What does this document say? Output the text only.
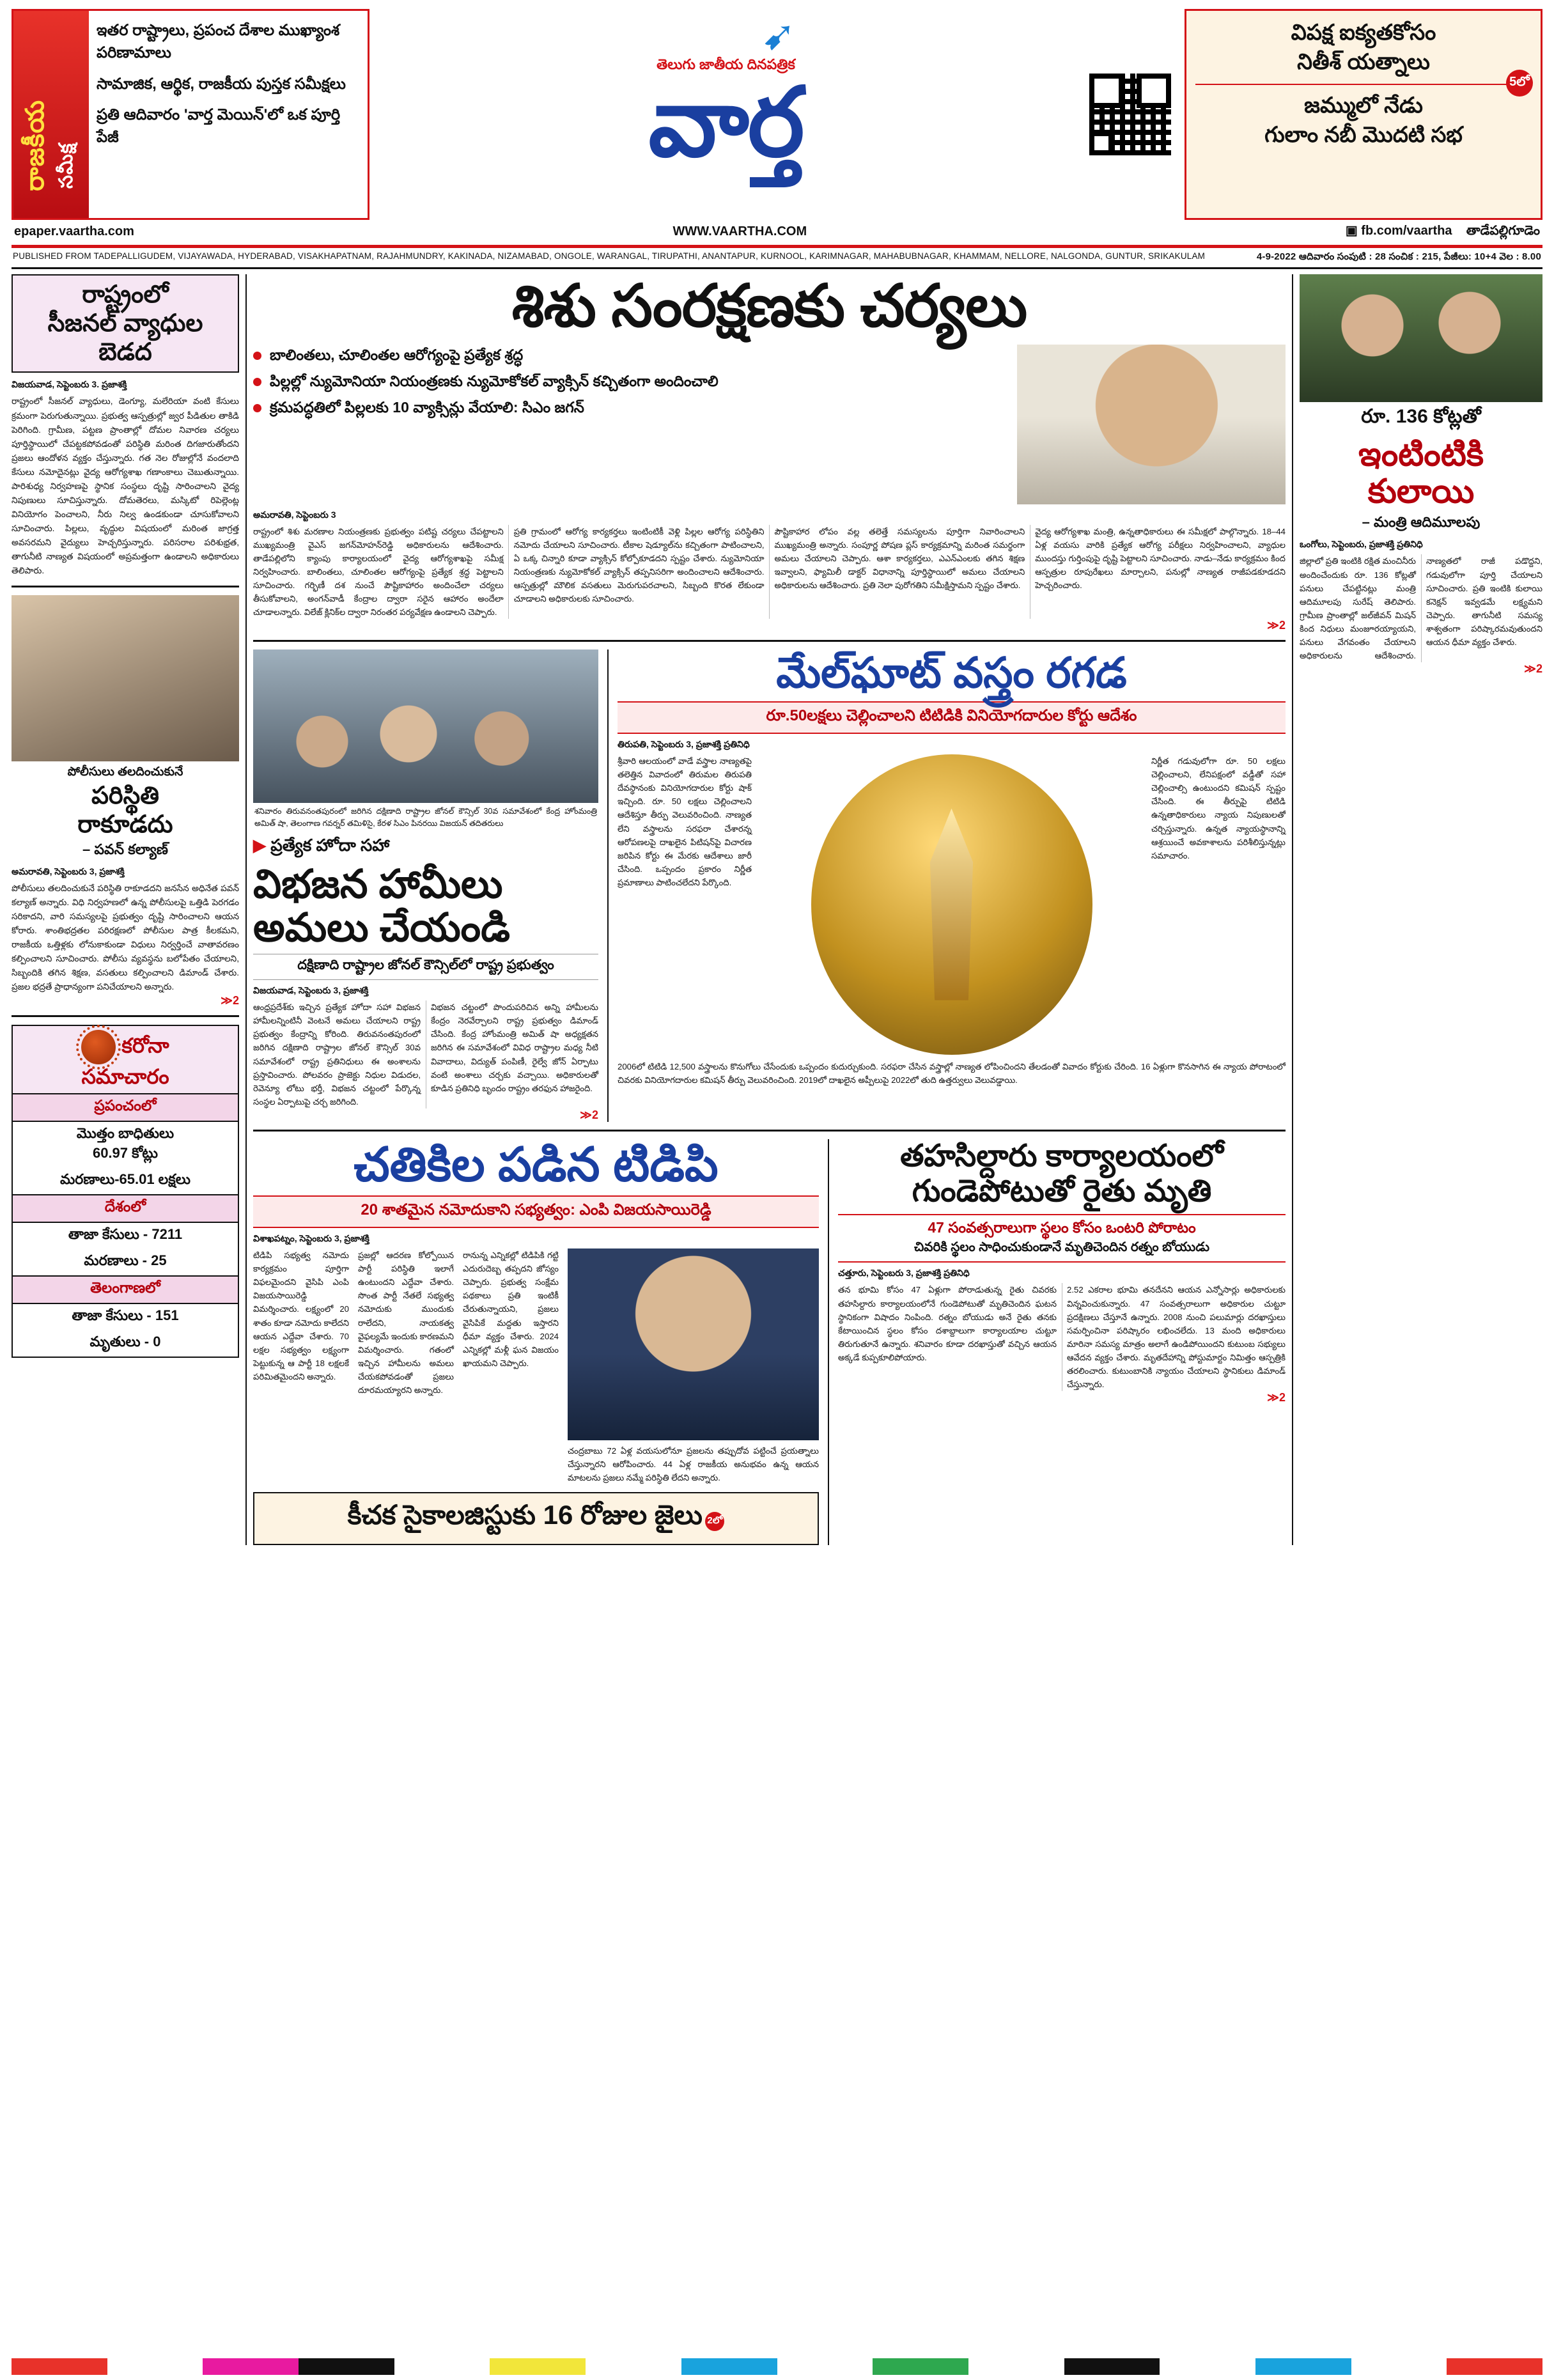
రాజకీయ సమీక్ష

ఇతర రాష్ట్రాలు, ప్రపంచ దేశాల ముఖ్యాంశ పరిణామాలు

సామాజిక, ఆర్థిక, రాజకీయ పుస్తక సమీక్షలు

ప్రతి ఆదివారం 'వార్త మెయిన్'లో ఒక పూర్తి పేజీ

➹
తెలుగు జాతీయ దినపత్రిక
వార్త
విపక్ష ఐక్యతకోసం
నితీశ్‌ యత్నాలు
5లో
జమ్ములో నేడు
గులాం నబీ మొదటి సభ
epaper.vaartha.com	WWW.VAARTHA.COM	▣ fb.com/vaartha తాడేపల్లిగూడెం
PUBLISHED FROM TADEPALLIGUDEM, VIJAYAWADA, HYDERABAD, VISAKHAPATNAM, RAJAHMUNDRY, KAKINADA, NIZAMABAD, ONGOLE, WARANGAL, TIRUPATHI, ANANTAPUR, KURNOOL, KARIMNAGAR, MAHABUBNAGAR, KHAMMAM, NELLORE, NALGONDA, GUNTUR, SRIKAKULAM	4-9-2022 ఆదివారం సంపుటి : 28 సంచిక : 215, పేజీలు: 10+4 వెల : 8.00
రాష్ట్రంలో
సీజనల్‌ వ్యాధుల
బెడద
విజయవాడ, సెప్టెంబరు 3. ప్రజాశక్తి
రాష్ట్రంలో సీజనల్‌ వ్యాధులు, డెంగ్యూ, మలేరియా వంటి కేసులు క్రమంగా పెరుగుతున్నాయి. ప్రభుత్వ ఆస్పత్రుల్లో జ్వర పీడితుల తాకిడి పెరిగింది. గ్రామీణ, పట్టణ ప్రాంతాల్లో దోమల నివారణ చర్యలు పూర్తిస్థాయిలో చేపట్టకపోవడంతో పరిస్థితి మరింత దిగజారుతోందని ప్రజలు ఆందోళన వ్యక్తం చేస్తున్నారు. గత నెల రోజుల్లోనే వందలాది కేసులు నమోదైనట్లు వైద్య ఆరోగ్యశాఖ గణాంకాలు చెబుతున్నాయి. పారిశుధ్య నిర్వహణపై స్థానిక సంస్థలు దృష్టి సారించాలని వైద్య నిపుణులు సూచిస్తున్నారు. దోమతెరలు, మస్కిటో రిపెల్లెంట్ల వినియోగం పెంచాలని, నీరు నిల్వ ఉండకుండా చూసుకోవాలని సూచించారు. పిల్లలు, వృద్ధుల విషయంలో మరింత జాగ్రత్త అవసరమని వైద్యులు హెచ్చరిస్తున్నారు. పరిసరాల పరిశుభ్రత, తాగునీటి నాణ్యత విషయంలో అప్రమత్తంగా ఉండాలని అధికారులు తెలిపారు.
పోలీసులు తలదించుకునే
పరిస్థితి
రాకూడదు
– పవన్‌ కల్యాణ్‌
అమరావతి, సెప్టెంబరు 3, ప్రజాశక్తి
పోలీసులు తలదించుకునే పరిస్థితి రాకూడదని జనసేన అధినేత పవన్‌ కల్యాణ్‌ అన్నారు. విధి నిర్వహణలో ఉన్న పోలీసులపై ఒత్తిడి పెరగడం సరికాదని, వారి సమస్యలపై ప్రభుత్వం దృష్టి సారించాలని ఆయన కోరారు. శాంతిభద్రతల పరిరక్షణలో పోలీసుల పాత్ర కీలకమని, రాజకీయ ఒత్తిళ్లకు లోనుకాకుండా విధులు నిర్వర్తించే వాతావరణం కల్పించాలని సూచించారు. పోలీసు వ్యవస్థను బలోపేతం చేయాలని, సిబ్బందికి తగిన శిక్షణ, వసతులు కల్పించాలని డిమాండ్‌ చేశారు. ప్రజల భద్రతే ప్రాధాన్యంగా పనిచేయాలని అన్నారు.
≫2
కరోనా
సమాచారం
ప్రపంచంలో
మొత్తం బాధితులు
60.97 కోట్లు
మరణాలు-65.01 లక్షలు
దేశంలో
తాజా కేసులు - 7211
మరణాలు - 25
తెలంగాణలో
తాజా కేసులు - 151
మృతులు - 0
శిశు సంరక్షణకు చర్యలు
బాలింతలు, చూలింతల ఆరోగ్యంపై ప్రత్యేక శ్రద్ధ
పిల్లల్లో న్యుమోనియా నియంత్రణకు న్యుమోకోకల్‌ వ్యాక్సిన్‌ కచ్చితంగా అందించాలి
క్రమపద్ధతిలో పిల్లలకు 10 వ్యాక్సిన్లు వేయాలి: సిఎం జగన్‌
అమరావతి, సెప్టెంబరు 3

రాష్ట్రంలో శిశు మరణాల నియంత్రణకు ప్రభుత్వం పటిష్ట చర్యలు చేపట్టాలని ముఖ్యమంత్రి వైఎస్‌ జగన్‌మోహన్‌రెడ్డి అధికారులను ఆదేశించారు. తాడేపల్లిలోని క్యాంపు కార్యాలయంలో వైద్య ఆరోగ్యశాఖపై సమీక్ష నిర్వహించారు. బాలింతలు, చూలింతల ఆరోగ్యంపై ప్రత్యేక శ్రద్ధ పెట్టాలని సూచించారు. గర్భిణీ దశ నుంచే పౌష్టికాహారం అందించేలా చర్యలు తీసుకోవాలని, అంగన్‌వాడీ కేంద్రాల ద్వారా సరైన ఆహారం అందేలా చూడాలన్నారు. విలేజ్‌ క్లినిక్‌ల ద్వారా నిరంతర పర్యవేక్షణ ఉండాలని చెప్పారు.

ప్రతి గ్రామంలో ఆరోగ్య కార్యకర్తలు ఇంటింటికీ వెళ్లి పిల్లల ఆరోగ్య పరిస్థితిని నమోదు చేయాలని సూచించారు. టీకాల షెడ్యూల్‌ను కచ్చితంగా పాటించాలని, ఏ ఒక్క చిన్నారి కూడా వ్యాక్సిన్‌ కోల్పోకూడదని స్పష్టం చేశారు. న్యుమోనియా నియంత్రణకు న్యుమోకోకల్‌ వ్యాక్సిన్‌ తప్పనిసరిగా అందించాలని ఆదేశించారు. ఆస్పత్రుల్లో మౌలిక వసతులు మెరుగుపరచాలని, సిబ్బంది కొరత లేకుండా చూడాలని అధికారులకు సూచించారు.

పౌష్టికాహార లోపం వల్ల తలెత్తే సమస్యలను పూర్తిగా నివారించాలని ముఖ్యమంత్రి అన్నారు. సంపూర్ణ పోషణ ప్లస్‌ కార్యక్రమాన్ని మరింత సమర్థంగా అమలు చేయాలని చెప్పారు. ఆశా కార్యకర్తలు, ఎఎన్‌ఎంలకు తగిన శిక్షణ ఇవ్వాలని, ఫ్యామిలీ డాక్టర్‌ విధానాన్ని పూర్తిస్థాయిలో అమలు చేయాలని అధికారులను ఆదేశించారు. ప్రతి నెలా పురోగతిని సమీక్షిస్తామని స్పష్టం చేశారు.

వైద్య ఆరోగ్యశాఖ మంత్రి, ఉన్నతాధికారులు ఈ సమీక్షలో పాల్గొన్నారు. 18–44 ఏళ్ల వయసు వారికి ప్రత్యేక ఆరోగ్య పరీక్షలు నిర్వహించాలని, వ్యాధుల ముందస్తు గుర్తింపుపై దృష్టి పెట్టాలని సూచించారు. నాడు–నేడు కార్యక్రమం కింద ఆస్పత్రుల రూపురేఖలు మార్చాలని, పనుల్లో నాణ్యత రాజీపడకూడదని హెచ్చరించారు.

≫2
శనివారం తిరువనంతపురంలో జరిగిన దక్షిణాది రాష్ట్రాల జోనల్‌ కౌన్సిల్‌ 30వ సమావేశంలో కేంద్ర హోంమంత్రి అమిత్‌ షా, తెలంగాణ గవర్నర్‌ తమిళిసై, కేరళ సిఎం పినరయి విజయన్‌ తదితరులు
▶ ప్రత్యేక హోదా సహా
విభజన హామీలు
అమలు చేయండి
దక్షిణాది రాష్ట్రాల జోనల్‌ కౌన్సిల్‌లో రాష్ట్ర ప్రభుత్వం
విజయవాడ, సెప్టెంబరు 3, ప్రజాశక్తి

ఆంధ్రప్రదేశ్‌కు ఇచ్చిన ప్రత్యేక హోదా సహా విభజన హామీలన్నింటినీ వెంటనే అమలు చేయాలని రాష్ట్ర ప్రభుత్వం కేంద్రాన్ని కోరింది. తిరువనంతపురంలో జరిగిన దక్షిణాది రాష్ట్రాల జోనల్‌ కౌన్సిల్‌ 30వ సమావేశంలో రాష్ట్ర ప్రతినిధులు ఈ అంశాలను ప్రస్తావించారు. పోలవరం ప్రాజెక్టు నిధుల విడుదల, రెవెన్యూ లోటు భర్తీ, విభజన చట్టంలో పేర్కొన్న సంస్థల ఏర్పాటుపై చర్చ జరిగింది.

విభజన చట్టంలో పొందుపరిచిన అన్ని హామీలను కేంద్రం నెరవేర్చాలని రాష్ట్ర ప్రభుత్వం డిమాండ్‌ చేసింది. కేంద్ర హోంమంత్రి అమిత్‌ షా అధ్యక్షతన జరిగిన ఈ సమావేశంలో వివిధ రాష్ట్రాల మధ్య నీటి వివాదాలు, విద్యుత్‌ పంపిణీ, రైల్వే జోన్‌ ఏర్పాటు వంటి అంశాలు చర్చకు వచ్చాయి. అధికారులతో కూడిన ప్రతినిధి బృందం రాష్ట్రం తరఫున హాజరైంది.

≫2
మేల్‌ఘాట్‌ వస్త్రం రగడ
రూ.50లక్షలు చెల్లించాలని టిటిడికి వినియోగదారుల కోర్టు ఆదేశం
తిరుపతి, సెప్టెంబరు 3, ప్రజాశక్తి ప్రతినిధి

శ్రీవారి ఆలయంలో వాడే వస్త్రాల నాణ్యతపై తలెత్తిన వివాదంలో తిరుమల తిరుపతి దేవస్థానంకు వినియోగదారుల కోర్టు షాక్‌ ఇచ్చింది. రూ. 50 లక్షలు చెల్లించాలని ఆదేశిస్తూ తీర్పు వెలువరించింది. నాణ్యత లేని వస్త్రాలను సరఫరా చేశారన్న ఆరోపణలపై దాఖలైన పిటిషన్‌పై విచారణ జరిపిన కోర్టు ఈ మేరకు ఆదేశాలు జారీ చేసింది. ఒప్పందం ప్రకారం నిర్ణీత ప్రమాణాలు పాటించలేదని పేర్కొంది.

నిర్ణీత గడువులోగా రూ. 50 లక్షలు చెల్లించాలని, లేనిపక్షంలో వడ్డీతో సహా చెల్లించాల్సి ఉంటుందని కమిషన్‌ స్పష్టం చేసింది. ఈ తీర్పుపై టిటిడి ఉన్నతాధికారులు న్యాయ నిపుణులతో చర్చిస్తున్నారు. ఉన్నత న్యాయస్థానాన్ని ఆశ్రయించే అవకాశాలను పరిశీలిస్తున్నట్లు సమాచారం.

2006లో టిటిడి 12,500 వస్త్రాలను కొనుగోలు చేసేందుకు ఒప్పందం కుదుర్చుకుంది. సరఫరా చేసిన వస్త్రాల్లో నాణ్యత లోపించిందని తేలడంతో వివాదం కోర్టుకు చేరింది. 16 ఏళ్లుగా కొనసాగిన ఈ న్యాయ పోరాటంలో చివరకు వినియోగదారుల కమిషన్‌ తీర్పు వెలువరించింది. 2019లో దాఖలైన అప్పీలుపై 2022లో తుది ఉత్తర్వులు వెలువడ్డాయి.

చతికిల పడిన టిడిపి
20 శాతమైన నమోదుకాని సభ్యత్వం: ఎంపి విజయసాయిరెడ్డి
విశాఖపట్నం, సెప్టెంబరు 3, ప్రజాశక్తి

టిడిపి సభ్యత్వ నమోదు కార్యక్రమం పూర్తిగా విఫలమైందని వైసిపి ఎంపి విజయసాయిరెడ్డి విమర్శించారు. లక్ష్యంలో 20 శాతం కూడా నమోదు కాలేదని ఆయన ఎద్దేవా చేశారు. 70 లక్షల సభ్యత్వం లక్ష్యంగా పెట్టుకున్న ఆ పార్టీ 18 లక్షలకే పరిమితమైందని అన్నారు.

ప్రజల్లో ఆదరణ కోల్పోయిన పార్టీ పరిస్థితి ఇలాగే ఉంటుందని ఎద్దేవా చేశారు. సొంత పార్టీ నేతలే సభ్యత్వ నమోదుకు ముందుకు రాలేదని, నాయకత్వ వైఫల్యమే ఇందుకు కారణమని విమర్శించారు. గతంలో ఇచ్చిన హామీలను అమలు చేయకపోవడంతో ప్రజలు దూరమయ్యారని అన్నారు.

రానున్న ఎన్నికల్లో టిడిపికి గట్టి ఎదురుదెబ్బ తప్పదని జోస్యం చెప్పారు. ప్రభుత్వ సంక్షేమ పథకాలు ప్రతి ఇంటికీ చేరుతున్నాయని, ప్రజలు వైసిపికే మద్దతు ఇస్తారని ధీమా వ్యక్తం చేశారు. 2024 ఎన్నికల్లో మళ్లీ ఘన విజయం ఖాయమని చెప్పారు.

చంద్రబాబు 72 ఏళ్ల వయసులోనూ ప్రజలను తప్పుదోవ పట్టించే ప్రయత్నాలు చేస్తున్నారని ఆరోపించారు. 44 ఏళ్ల రాజకీయ అనుభవం ఉన్న ఆయన మాటలను ప్రజలు నమ్మే పరిస్థితి లేదని అన్నారు.

కీచక సైకాలజిస్టుకు 16 రోజుల జైలు 2లో
తహసిల్దారు కార్యాలయంలో
గుండెపోటుతో రైతు మృతి
47 సంవత్సరాలుగా స్థలం కోసం ఒంటరి పోరాటం
చివరికి స్థలం సాధించుకుండానే మృతిచెందిన రత్నం బోయుడు
చత్తూరు, సెప్టెంబరు 3, ప్రజాశక్తి ప్రతినిధి

తన భూమి కోసం 47 ఏళ్లుగా పోరాడుతున్న రైతు చివరకు తహసిల్దారు కార్యాలయంలోనే గుండెపోటుతో మృతిచెందిన ఘటన స్థానికంగా విషాదం నింపింది. రత్నం బోయుడు అనే రైతు తనకు కేటాయించిన స్థలం కోసం దశాబ్దాలుగా కార్యాలయాల చుట్టూ తిరుగుతూనే ఉన్నారు. శనివారం కూడా దరఖాస్తుతో వచ్చిన ఆయన అక్కడే కుప్పకూలిపోయారు.

2.52 ఎకరాల భూమి తనదేనని ఆయన ఎన్నోసార్లు అధికారులకు విన్నవించుకున్నారు. 47 సంవత్సరాలుగా అధికారుల చుట్టూ ప్రదక్షిణలు చేస్తూనే ఉన్నారు. 2008 నుంచి పలుమార్లు దరఖాస్తులు సమర్పించినా పరిష్కారం లభించలేదు. 13 మంది అధికారులు మారినా సమస్య మాత్రం అలాగే ఉండిపోయిందని కుటుంబ సభ్యులు ఆవేదన వ్యక్తం చేశారు. మృతదేహాన్ని పోస్టుమార్టం నిమిత్తం ఆస్పత్రికి తరలించారు. కుటుంబానికి న్యాయం చేయాలని స్థానికులు డిమాండ్‌ చేస్తున్నారు.

≫2
రూ. 136 కోట్లతో
ఇంటింటికి
కులాయి
– మంత్రి ఆదిమూలపు
ఒంగోలు, సెప్టెంబరు, ప్రజాశక్తి ప్రతినిధి

జిల్లాలో ప్రతి ఇంటికి రక్షిత మంచినీరు అందించేందుకు రూ. 136 కోట్లతో పనులు చేపట్టినట్లు మంత్రి ఆదిమూలపు సురేష్‌ తెలిపారు. గ్రామీణ ప్రాంతాల్లో జల్‌జీవన్‌ మిషన్‌ కింద నిధులు మంజూరయ్యాయని, పనులు వేగవంతం చేయాలని అధికారులను ఆదేశించారు. నాణ్యతలో రాజీ పడొద్దని, గడువులోగా పూర్తి చేయాలని సూచించారు. ప్రతి ఇంటికి కులాయి కనెక్షన్‌ ఇవ్వడమే లక్ష్యమని చెప్పారు. తాగునీటి సమస్య శాశ్వతంగా పరిష్కారమవుతుందని ఆయన ధీమా వ్యక్తం చేశారు.

≫2
